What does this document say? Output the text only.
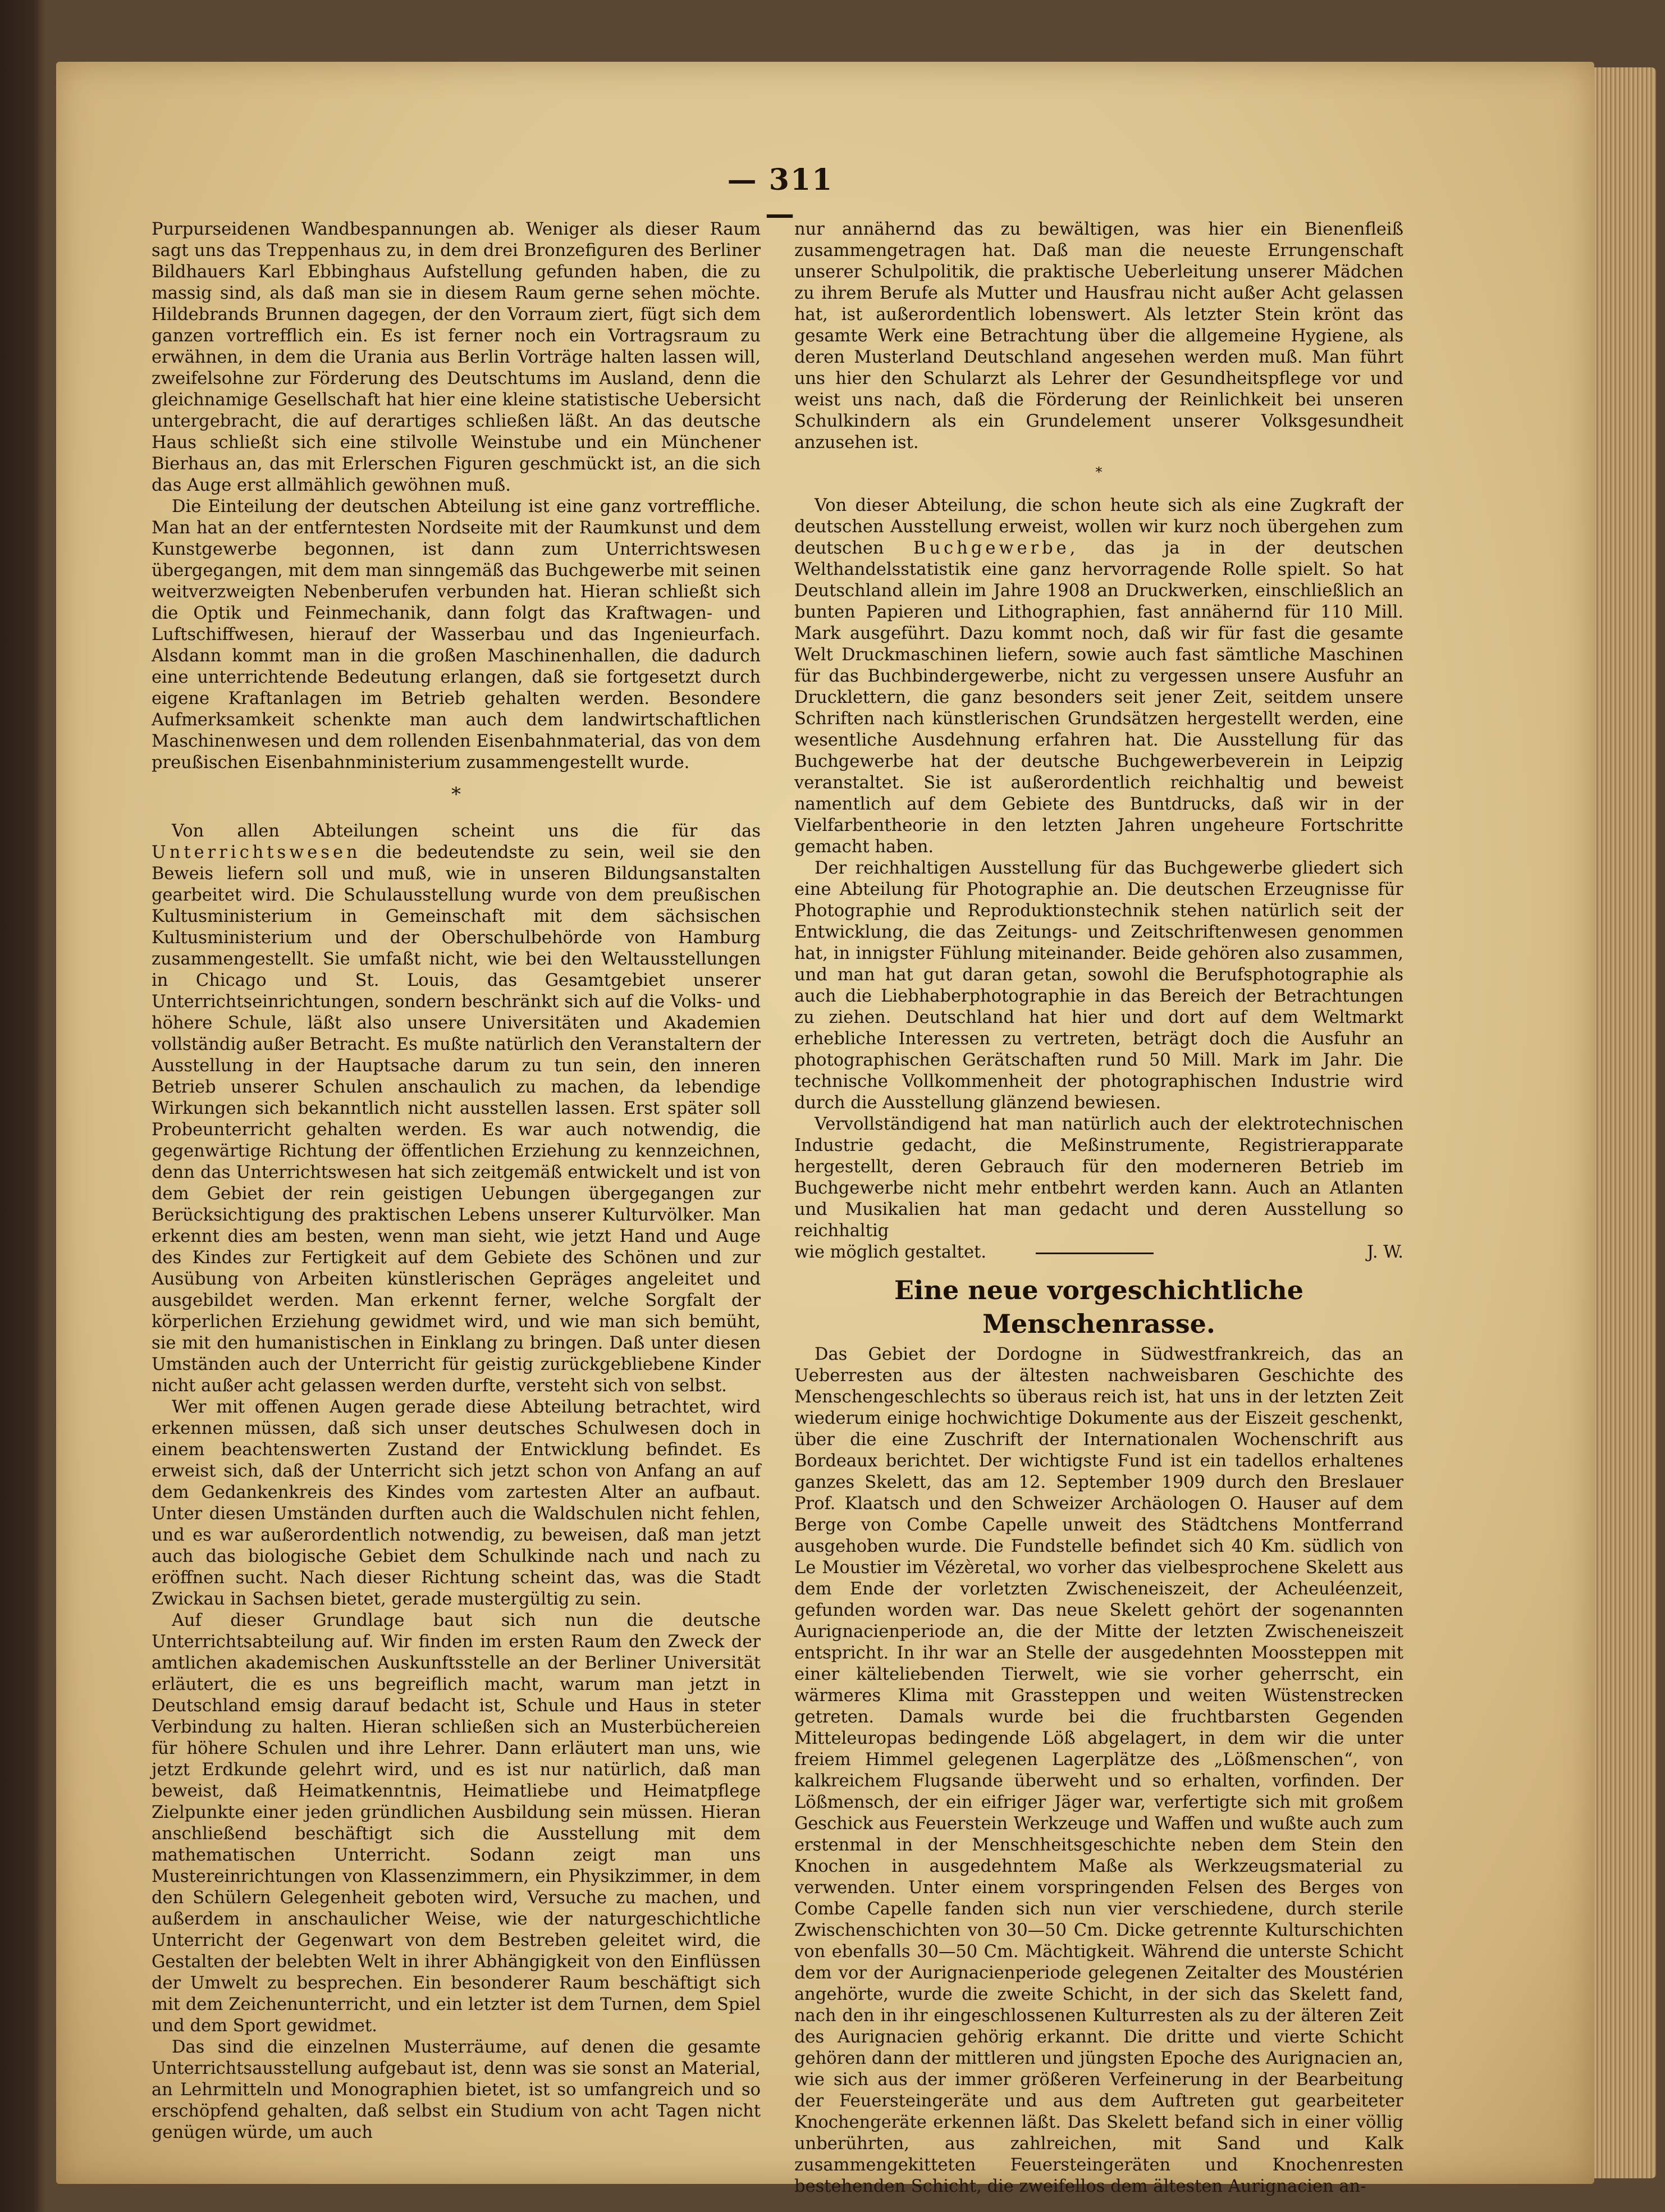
— 311 —

Purpurseidenen Wandbespannungen ab. Weniger als dieser Raum sagt uns das Treppenhaus zu, in dem drei Bronzefiguren des Berliner Bildhauers Karl Ebbinghaus Aufstellung gefunden haben, die zu massig sind, als daß man sie in diesem Raum gerne sehen möchte. Hildebrands Brunnen dagegen, der den Vorraum ziert, fügt sich dem ganzen vortrefflich ein. Es ist ferner noch ein Vortragsraum zu erwähnen, in dem die Urania aus Berlin Vorträge halten lassen will, zweifelsohne zur Förderung des Deutschtums im Ausland, denn die gleichnamige Gesellschaft hat hier eine kleine statistische Uebersicht untergebracht, die auf derartiges schließen läßt. An das deutsche Haus schließt sich eine stilvolle Weinstube und ein Münchener Bierhaus an, das mit Erlerschen Figuren geschmückt ist, an die sich das Auge erst allmählich gewöhnen muß.

Die Einteilung der deutschen Abteilung ist eine ganz vortreffliche. Man hat an der entferntesten Nordseite mit der Raumkunst und dem Kunstgewerbe begonnen, ist dann zum Unterrichtswesen übergegangen, mit dem man sinngemäß das Buchgewerbe mit seinen weitverzweigten Nebenberufen verbunden hat. Hieran schließt sich die Optik und Feinmechanik, dann folgt das Kraftwagen- und Luftschiffwesen, hierauf der Wasserbau und das Ingenieurfach. Alsdann kommt man in die großen Maschinenhallen, die dadurch eine unterrichtende Bedeutung erlangen, daß sie fortgesetzt durch eigene Kraftanlagen im Betrieb gehalten werden. Besondere Aufmerksamkeit schenkte man auch dem landwirtschaftlichen Maschinenwesen und dem rollenden Eisenbahnmaterial, das von dem preußischen Eisenbahnministerium zusammengestellt wurde.

*

Von allen Abteilungen scheint uns die für das Unterrichtswesen die bedeutendste zu sein, weil sie den Beweis liefern soll und muß, wie in unseren Bildungsanstalten gearbeitet wird. Die Schulausstellung wurde von dem preußischen Kultusministerium in Gemeinschaft mit dem sächsischen Kultusministerium und der Oberschulbehörde von Hamburg zusammengestellt. Sie umfaßt nicht, wie bei den Weltausstellungen in Chicago und St. Louis, das Gesamtgebiet unserer Unterrichtseinrichtungen, sondern beschränkt sich auf die Volks- und höhere Schule, läßt also unsere Universitäten und Akademien vollständig außer Betracht. Es mußte natürlich den Veranstaltern der Ausstellung in der Hauptsache darum zu tun sein, den inneren Betrieb unserer Schulen anschaulich zu machen, da lebendige Wirkungen sich bekanntlich nicht ausstellen lassen. Erst später soll Probeunterricht gehalten werden. Es war auch notwendig, die gegenwärtige Richtung der öffentlichen Erziehung zu kennzeichnen, denn das Unterrichtswesen hat sich zeitgemäß entwickelt und ist von dem Gebiet der rein geistigen Uebungen übergegangen zur Berücksichtigung des praktischen Lebens unserer Kulturvölker. Man erkennt dies am besten, wenn man sieht, wie jetzt Hand und Auge des Kindes zur Fertigkeit auf dem Gebiete des Schönen und zur Ausübung von Arbeiten künstlerischen Gepräges angeleitet und ausgebildet werden. Man erkennt ferner, welche Sorgfalt der körperlichen Erziehung gewidmet wird, und wie man sich bemüht, sie mit den humanistischen in Einklang zu bringen. Daß unter diesen Umständen auch der Unterricht für geistig zurückgebliebene Kinder nicht außer acht gelassen werden durfte, versteht sich von selbst.

Wer mit offenen Augen gerade diese Abteilung betrachtet, wird erkennen müssen, daß sich unser deutsches Schulwesen doch in einem beachtenswerten Zustand der Entwicklung befindet. Es erweist sich, daß der Unterricht sich jetzt schon von Anfang an auf dem Gedankenkreis des Kindes vom zartesten Alter an aufbaut. Unter diesen Umständen durften auch die Waldschulen nicht fehlen, und es war außerordentlich notwendig, zu beweisen, daß man jetzt auch das biologische Gebiet dem Schulkinde nach und nach zu eröffnen sucht. Nach dieser Richtung scheint das, was die Stadt Zwickau in Sachsen bietet, gerade mustergültig zu sein.

Auf dieser Grundlage baut sich nun die deutsche Unterrichtsabteilung auf. Wir finden im ersten Raum den Zweck der amtlichen akademischen Auskunftsstelle an der Berliner Universität erläutert, die es uns begreiflich macht, warum man jetzt in Deutschland emsig darauf bedacht ist, Schule und Haus in steter Verbindung zu halten. Hieran schließen sich an Musterbüchereien für höhere Schulen und ihre Lehrer. Dann erläutert man uns, wie jetzt Erdkunde gelehrt wird, und es ist nur natürlich, daß man beweist, daß Heimatkenntnis, Heimatliebe und Heimatpflege Zielpunkte einer jeden gründlichen Ausbildung sein müssen. Hieran anschließend beschäftigt sich die Ausstellung mit dem mathematischen Unterricht. Sodann zeigt man uns Mustereinrichtungen von Klassenzimmern, ein Physikzimmer, in dem den Schülern Gelegenheit geboten wird, Versuche zu machen, und außerdem in anschaulicher Weise, wie der naturgeschichtliche Unterricht der Gegenwart von dem Bestreben geleitet wird, die Gestalten der belebten Welt in ihrer Abhängigkeit von den Einflüssen der Umwelt zu besprechen. Ein besonderer Raum beschäftigt sich mit dem Zeichenunterricht, und ein letzter ist dem Turnen, dem Spiel und dem Sport gewidmet.

Das sind die einzelnen Musterräume, auf denen die gesamte Unterrichtsausstellung aufgebaut ist, denn was sie sonst an Material, an Lehrmitteln und Monographien bietet, ist so umfangreich und so erschöpfend gehalten, daß selbst ein Studium von acht Tagen nicht genügen würde, um auch

nur annähernd das zu bewältigen, was hier ein Bienenfleiß zusammengetragen hat. Daß man die neueste Errungenschaft unserer Schulpolitik, die praktische Ueberleitung unserer Mädchen zu ihrem Berufe als Mutter und Hausfrau nicht außer Acht gelassen hat, ist außerordentlich lobenswert. Als letzter Stein krönt das gesamte Werk eine Betrachtung über die allgemeine Hygiene, als deren Musterland Deutschland angesehen werden muß. Man führt uns hier den Schularzt als Lehrer der Gesundheitspflege vor und weist uns nach, daß die Förderung der Reinlichkeit bei unseren Schulkindern als ein Grundelement unserer Volksgesundheit anzusehen ist.

*

Von dieser Abteilung, die schon heute sich als eine Zugkraft der deutschen Ausstellung erweist, wollen wir kurz noch übergehen zum deutschen Buchgewerbe, das ja in der deutschen Welthandelsstatistik eine ganz hervorragende Rolle spielt. So hat Deutschland allein im Jahre 1908 an Druckwerken, einschließlich an bunten Papieren und Lithographien, fast annähernd für 110 Mill. Mark ausgeführt. Dazu kommt noch, daß wir für fast die gesamte Welt Druckmaschinen liefern, sowie auch fast sämtliche Maschinen für das Buchbindergewerbe, nicht zu vergessen unsere Ausfuhr an Drucklettern, die ganz besonders seit jener Zeit, seitdem unsere Schriften nach künstlerischen Grundsätzen hergestellt werden, eine wesentliche Ausdehnung erfahren hat. Die Ausstellung für das Buchgewerbe hat der deutsche Buchgewerbeverein in Leipzig veranstaltet. Sie ist außerordentlich reichhaltig und beweist namentlich auf dem Gebiete des Buntdrucks, daß wir in der Vielfarbentheorie in den letzten Jahren ungeheure Fortschritte gemacht haben.

Der reichhaltigen Ausstellung für das Buchgewerbe gliedert sich eine Abteilung für Photographie an. Die deutschen Erzeugnisse für Photographie und Reproduktionstechnik stehen natürlich seit der Entwicklung, die das Zeitungs- und Zeitschriftenwesen genommen hat, in innigster Fühlung miteinander. Beide gehören also zusammen, und man hat gut daran getan, sowohl die Berufsphotographie als auch die Liebhaberphotographie in das Bereich der Betrachtungen zu ziehen. Deutschland hat hier und dort auf dem Weltmarkt erhebliche Interessen zu vertreten, beträgt doch die Ausfuhr an photographischen Gerätschaften rund 50 Mill. Mark im Jahr. Die technische Vollkommenheit der photographischen Industrie wird durch die Ausstellung glänzend bewiesen.

Vervollständigend hat man natürlich auch der elektrotechnischen Industrie gedacht, die Meßinstrumente, Registrierapparate hergestellt, deren Gebrauch für den moderneren Betrieb im Buchgewerbe nicht mehr entbehrt werden kann. Auch an Atlanten und Musikalien hat man gedacht und deren Ausstellung so reichhaltig

wie möglich gestaltet.	J. W.
Eine neue vorgeschichtliche Menschenrasse.

Das Gebiet der Dordogne in Südwestfrankreich, das an Ueberresten aus der ältesten nachweisbaren Geschichte des Menschengeschlechts so überaus reich ist, hat uns in der letzten Zeit wiederum einige hochwichtige Dokumente aus der Eiszeit geschenkt, über die eine Zuschrift der Internationalen Wochenschrift aus Bordeaux berichtet. Der wichtigste Fund ist ein tadellos erhaltenes ganzes Skelett, das am 12. September 1909 durch den Breslauer Prof. Klaatsch und den Schweizer Archäologen O. Hauser auf dem Berge von Combe Capelle unweit des Städtchens Montferrand ausgehoben wurde. Die Fundstelle befindet sich 40 Km. südlich von Le Moustier im Vézèretal, wo vorher das vielbesprochene Skelett aus dem Ende der vorletzten Zwischeneiszeit, der Acheuléenzeit, gefunden worden war. Das neue Skelett gehört der sogenannten Aurignacienperiode an, die der Mitte der letzten Zwischeneiszeit entspricht. In ihr war an Stelle der ausgedehnten Moossteppen mit einer kälteliebenden Tierwelt, wie sie vorher geherrscht, ein wärmeres Klima mit Grassteppen und weiten Wüstenstrecken getreten. Damals wurde bei die fruchtbarsten Gegenden Mitteleuropas bedingende Löß abgelagert, in dem wir die unter freiem Himmel gelegenen Lagerplätze des „Lößmenschen“, von kalkreichem Flugsande überweht und so erhalten, vorfinden. Der Lößmensch, der ein eifriger Jäger war, verfertigte sich mit großem Geschick aus Feuerstein Werkzeuge und Waffen und wußte auch zum erstenmal in der Menschheitsgeschichte neben dem Stein den Knochen in ausgedehntem Maße als Werkzeugsmaterial zu verwenden. Unter einem vorspringenden Felsen des Berges von Combe Capelle fanden sich nun vier verschiedene, durch sterile Zwischenschichten von 30—50 Cm. Dicke getrennte Kulturschichten von ebenfalls 30—50 Cm. Mächtigkeit. Während die unterste Schicht dem vor der Aurignacienperiode gelegenen Zeitalter des Moustérien angehörte, wurde die zweite Schicht, in der sich das Skelett fand, nach den in ihr eingeschlossenen Kulturresten als zu der älteren Zeit des Aurignacien gehörig erkannt. Die dritte und vierte Schicht gehören dann der mittleren und jüngsten Epoche des Aurignacien an, wie sich aus der immer größeren Verfeinerung in der Bearbeitung der Feuersteingeräte und aus dem Auftreten gut gearbeiteter Knochengeräte erkennen läßt. Das Skelett befand sich in einer völlig unberührten, aus zahlreichen, mit Sand und Kalk zusammengekitteten Feuersteingeräten und Knochenresten bestehenden Schicht, die zweifellos dem ältesten Aurignacien an-
